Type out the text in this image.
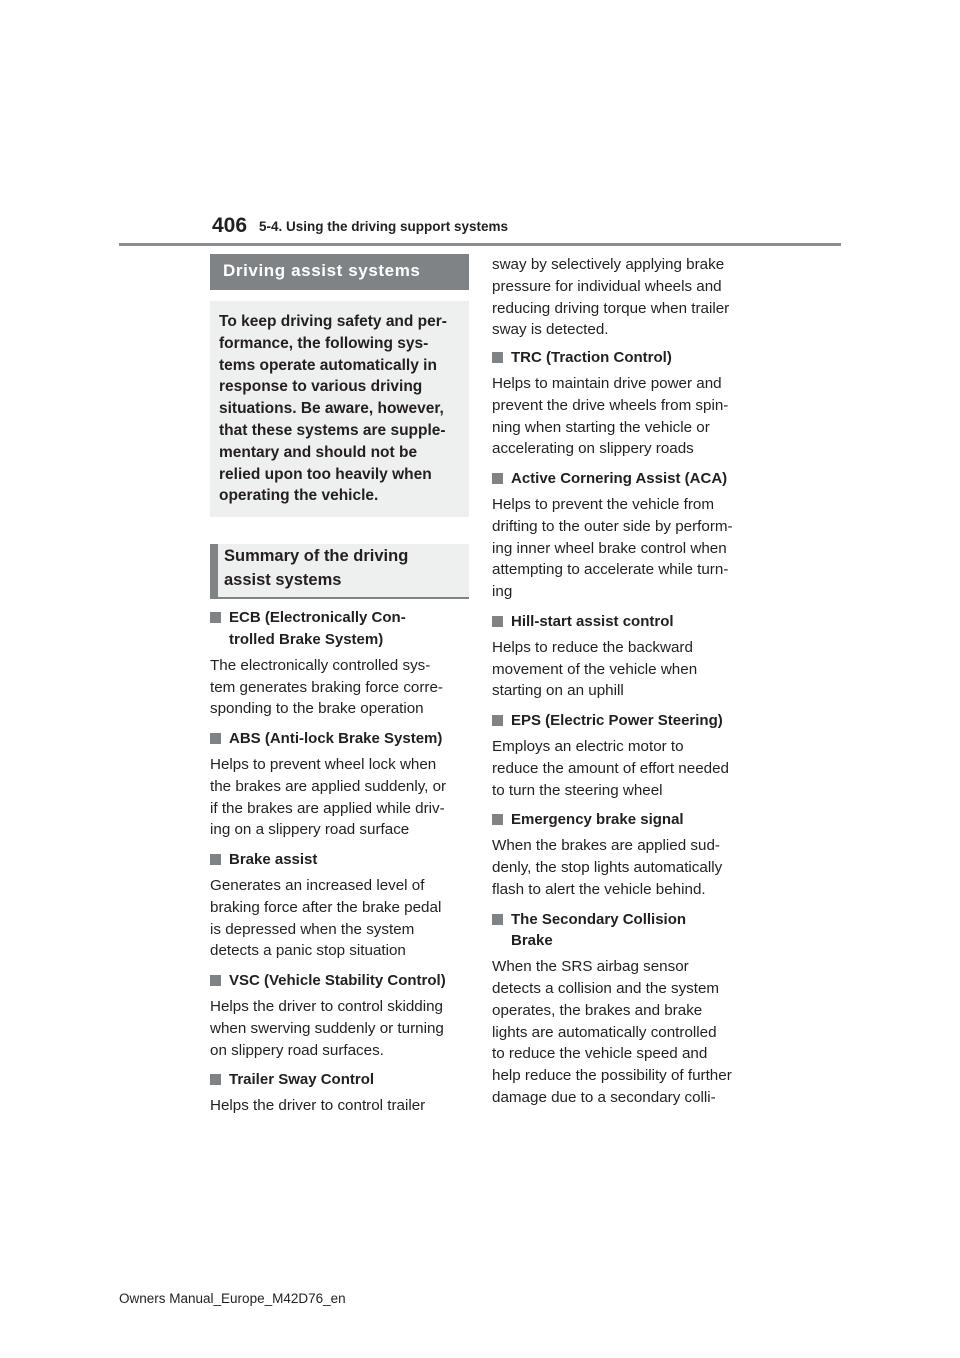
406 5-4. Using the driving support systems
Driving assist systems
To keep driving safety and per-
formance, the following sys-
tems operate automatically in
response to various driving
situations. Be aware, however,
that these systems are supple-
mentary and should not be
relied upon too heavily when
operating the vehicle.
Summary of the driving
assist systems
ECB (Electronically Con-
trolled Brake System)
The electronically controlled sys-
tem generates braking force corre-
sponding to the brake operation
ABS (Anti-lock Brake System)
Helps to prevent wheel lock when
the brakes are applied suddenly, or
if the brakes are applied while driv-
ing on a slippery road surface
Brake assist
Generates an increased level of
braking force after the brake pedal
is depressed when the system
detects a panic stop situation
VSC (Vehicle Stability Control)
Helps the driver to control skidding
when swerving suddenly or turning
on slippery road surfaces.
Trailer Sway Control
Helps the driver to control trailer
sway by selectively applying brake
pressure for individual wheels and
reducing driving torque when trailer
sway is detected.
TRC (Traction Control)
Helps to maintain drive power and
prevent the drive wheels from spin-
ning when starting the vehicle or
accelerating on slippery roads
Active Cornering Assist (ACA)
Helps to prevent the vehicle from
drifting to the outer side by perform-
ing inner wheel brake control when
attempting to accelerate while turn-
ing
Hill-start assist control
Helps to reduce the backward
movement of the vehicle when
starting on an uphill
EPS (Electric Power Steering)
Employs an electric motor to
reduce the amount of effort needed
to turn the steering wheel
Emergency brake signal
When the brakes are applied sud-
denly, the stop lights automatically
flash to alert the vehicle behind.
The Secondary Collision
Brake
When the SRS airbag sensor
detects a collision and the system
operates, the brakes and brake
lights are automatically controlled
to reduce the vehicle speed and
help reduce the possibility of further
damage due to a secondary colli-
Owners Manual_Europe_M42D76_en
